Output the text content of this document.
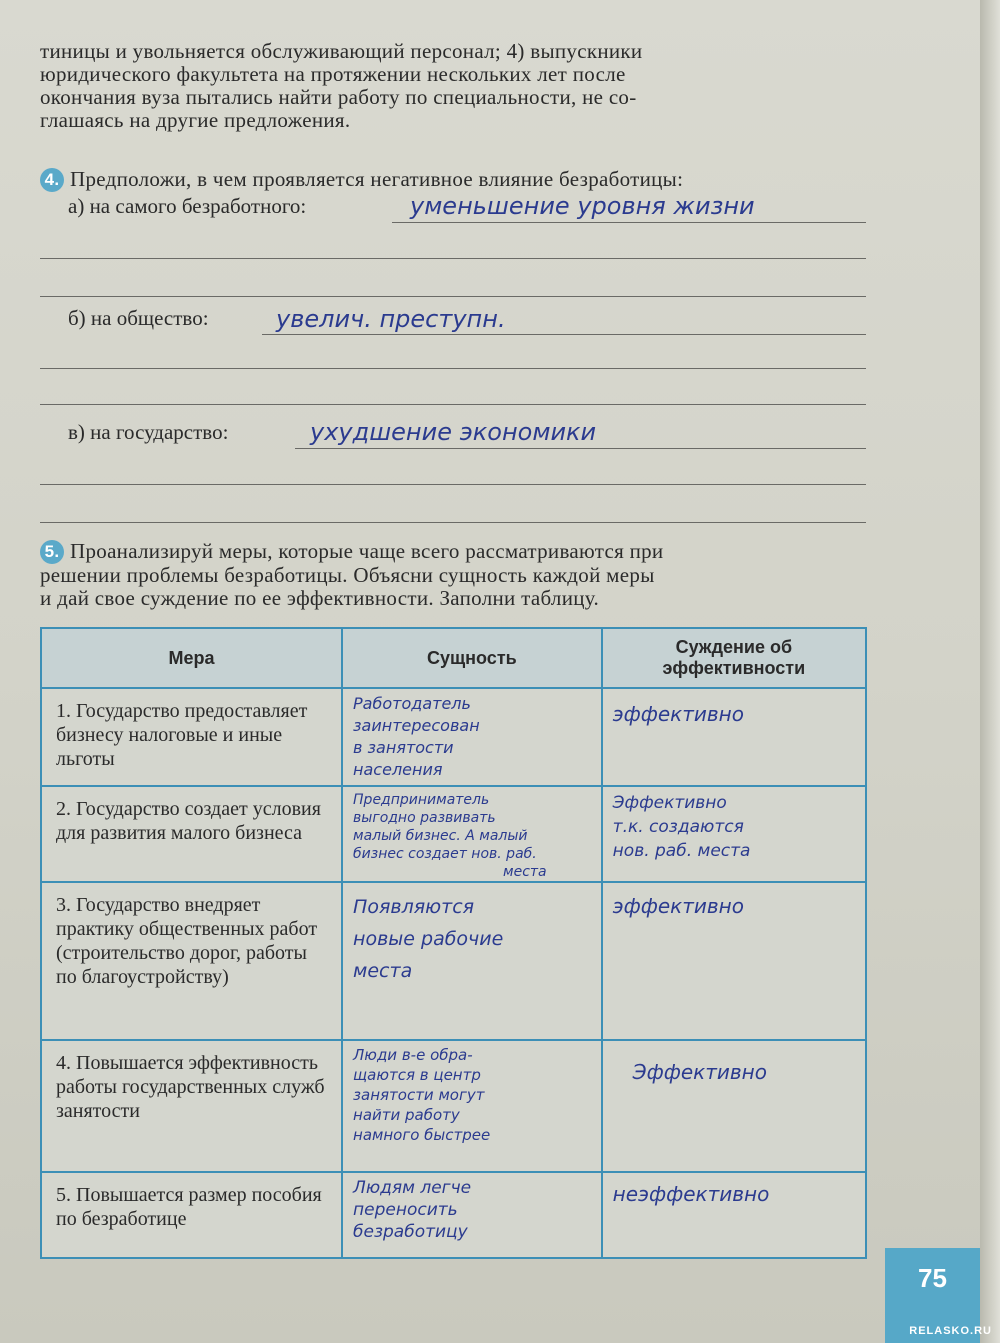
тиницы и увольняется обслуживающий персонал; 4) выпускники
юридического факультета на протяжении нескольких лет после
окончания вуза пытались найти работу по специальности, не со-
глашаясь на другие предложения.
4. Предположи, в чем проявляется негативное влияние безработицы:
а) на самого безработного:	уменьшение уровня жизни
б) на общество:	увелич. преступн.
в) на государство:	ухудшение экономики
5. Проанализируй меры, которые чаще всего рассматриваются при
решении проблемы безработицы. Объясни сущность каждой меры
и дай свое суждение по ее эффективности. Заполни таблицу.
Мера	Сущность	Суждение об эффективности
1. Государство предоставляет бизнесу налоговые и иные льготы	Работодатель
заинтересован
в занятости
населения	эффективно

2. Государство создает условия для развития малого бизнеса	Предприниматель
выгодно развивать
малый бизнес. А малый
бизнес создает нов. раб.
места	Эффективно
т.к. создаются
нов. раб. места

3. Государство внедряет практику общественных работ (строительство дорог, работы по благоустройству)	Появляются
новые рабочие
места	эффективно

4. Повышается эффективность работы государственных служб занятости	Люди в-е обра-
щаются в центр
занятости могут
найти работу
намного быстрее	Эффективно

5. Повышается размер пособия по безработице	Людям легче
переносить
безработицу	неэффективно
75
RELASKO.RU
